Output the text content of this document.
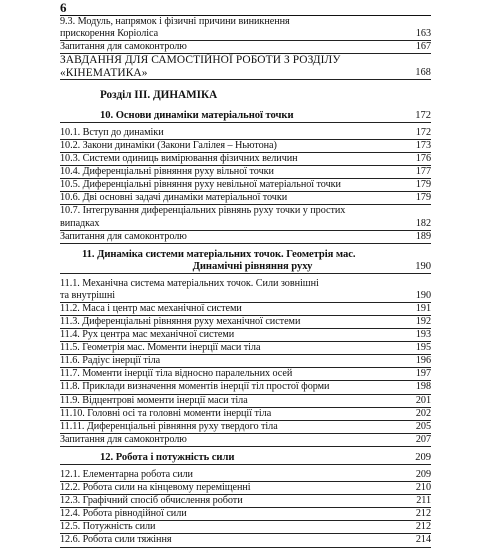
6
9.3. Модуль, напрямок і фізичні причини виникнення
прискорення Коріоліса	163
Запитання для самоконтролю	167
ЗАВДАННЯ ДЛЯ САМОСТІЙНОЇ РОБОТИ З РОЗДІЛУ
«КІНЕМАТИКА»	168
Розділ ІІІ. ДИНАМІКА
10. Основи динаміки матеріальної точки	172
10.1. Вступ до динаміки	172
10.2. Закони динаміки (Закони Галілея – Ньютона)	173
10.3. Системи одиниць вимірювання фізичних величин	176
10.4. Диференціальні рівняння руху вільної точки	177
10.5. Диференціальні рівняння руху невільної матеріальної точки	179
10.6. Дві основні задачі динаміки матеріальної точки	179
10.7. Інтегрування диференціальних рівнянь руху точки у простих
випадках	182
Запитання для самоконтролю	189
11. Динаміка системи матеріальних точок. Геометрія мас.
Динамічні рівняння руху	190
11.1. Механічна система матеріальних точок. Сили зовнішні
та внутрішні	190
11.2. Маса і центр мас механічної системи	191
11.3. Диференціальні рівняння руху механічної системи	192
11.4. Рух центра мас механічної системи	193
11.5. Геометрія мас. Моменти інерції маси тіла	195
11.6. Радіус інерції тіла	196
11.7. Моменти інерції тіла відносно паралельних осей	197
11.8. Приклади визначення моментів інерції тіл простої форми	198
11.9. Відцентрові моменти інерції маси тіла	201
11.10. Головні осі та головні моменти інерції тіла	202
11.11. Диференціальні рівняння руху твердого тіла	205
Запитання для самоконтролю	207
12. Робота і потужність сили	209
12.1. Елементарна робота сили	209
12.2. Робота сили на кінцевому переміщенні	210
12.3. Графічний спосіб обчислення роботи	211
12.4. Робота рівнодійної сили	212
12.5. Потужність сили	212
12.6. Робота сили тяжіння	214
